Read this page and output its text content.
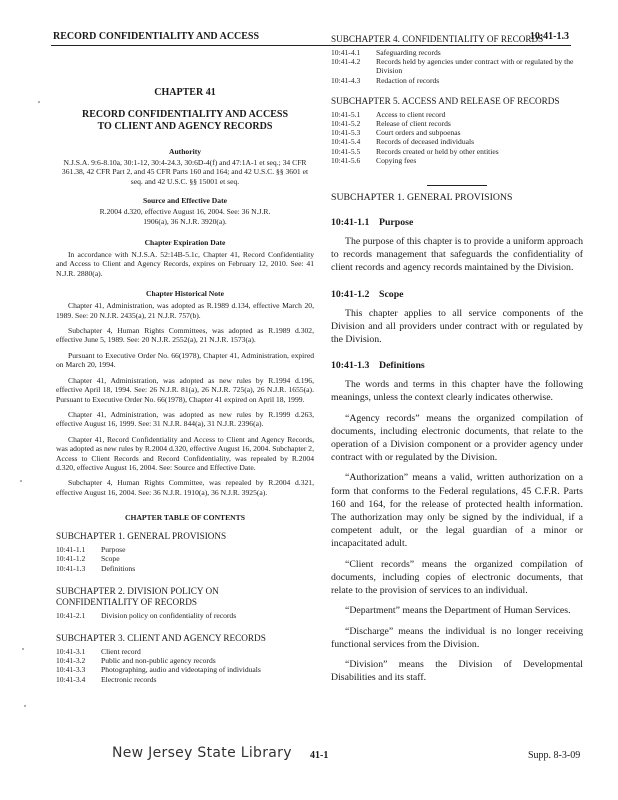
RECORD CONFIDENTIALITY AND ACCESS	10:41-1.3
CHAPTER 41
RECORD CONFIDENTIALITY AND ACCESS
TO CLIENT AND AGENCY RECORDS
Authority
N.J.S.A. 9:6-8.10a, 30:1-12, 30:4-24.3, 30:6D-4(f) and 47:1A-1 et seq.; 34 CFR 361.38, 42 CFR Part 2, and 45 CFR Parts 160 and 164; and 42 U.S.C. §§ 3601 et seq. and 42 U.S.C. §§ 15001 et seq.
Source and Effective Date
R.2004 d.320, effective August 16, 2004. See: 36 N.J.R. 1906(a), 36 N.J.R. 3920(a).
Chapter Expiration Date

In accordance with N.J.S.A. 52:14B-5.1c, Chapter 41, Record Confidentiality and Access to Client and Agency Records, expires on February 12, 2010. See: 41 N.J.R. 2880(a).

Chapter Historical Note

Chapter 41, Administration, was adopted as R.1989 d.134, effective March 20, 1989. See: 20 N.J.R. 2435(a), 21 N.J.R. 757(b).

Subchapter 4, Human Rights Committees, was adopted as R.1989 d.302, effective June 5, 1989. See: 20 N.J.R. 2552(a), 21 N.J.R. 1573(a).

Pursuant to Executive Order No. 66(1978), Chapter 41, Administration, expired on March 20, 1994.

Chapter 41, Administration, was adopted as new rules by R.1994 d.196, effective April 18, 1994. See: 26 N.J.R. 81(a), 26 N.J.R. 725(a), 26 N.J.R. 1655(a). Pursuant to Executive Order No. 66(1978), Chapter 41 expired on April 18, 1999.

Chapter 41, Administration, was adopted as new rules by R.1999 d.263, effective August 16, 1999. See: 31 N.J.R. 844(a), 31 N.J.R. 2396(a).

Chapter 41, Record Confidentiality and Access to Client and Agency Records, was adopted as new rules by R.2004 d.320, effective August 16, 2004. Subchapter 2, Access to Client Records and Record Confidentiality, was repealed by R.2004 d.320, effective August 16, 2004. See: Source and Effective Date.

Subchapter 4, Human Rights Committee, was repealed by R.2004 d.321, effective August 16, 2004. See: 36 N.J.R. 1910(a), 36 N.J.R. 3925(a).

CHAPTER TABLE OF CONTENTS
SUBCHAPTER 1. GENERAL PROVISIONS
10:41-1.1	Purpose
10:41-1.2	Scope
10:41-1.3	Definitions
SUBCHAPTER 2. DIVISION POLICY ON CONFIDENTIALITY OF RECORDS
10:41-2.1	Division policy on confidentiality of records
SUBCHAPTER 3. CLIENT AND AGENCY RECORDS
10:41-3.1	Client record
10:41-3.2	Public and non-public agency records
10:41-3.3	Photographing, audio and videotaping of individuals
10:41-3.4	Electronic records
SUBCHAPTER 4. CONFIDENTIALITY OF RECORDS
10:41-4.1	Safeguarding records
10:41-4.2	Records held by agencies under contract with or regulated by the Division
10:41-4.3	Redaction of records
SUBCHAPTER 5. ACCESS AND RELEASE OF RECORDS
10:41-5.1	Access to client record
10:41-5.2	Release of client records
10:41-5.3	Court orders and subpoenas
10:41-5.4	Records of deceased individuals
10:41-5.5	Records created or held by other entities
10:41-5.6	Copying fees
SUBCHAPTER 1. GENERAL PROVISIONS
10:41-1.1 Purpose

The purpose of this chapter is to provide a uniform approach to records management that safeguards the confidentiality of client records and agency records maintained by the Division.

10:41-1.2 Scope

This chapter applies to all service components of the Division and all providers under contract with or regulated by the Division.

10:41-1.3 Definitions

The words and terms in this chapter have the following meanings, unless the context clearly indicates otherwise.

“Agency records” means the organized compilation of documents, including electronic documents, that relate to the operation of a Division component or a provider agency under contract with or regulated by the Division.

“Authorization” means a valid, written authorization on a form that conforms to the Federal regulations, 45 C.F.R. Parts 160 and 164, for the release of protected health information. The authorization may only be signed by the individual, if a competent adult, or the legal guardian of a minor or incapacitated adult.

“Client records” means the organized compilation of documents, including copies of electronic documents, that relate to the provision of services to an individual.

“Department” means the Department of Human Services.

“Discharge” means the individual is no longer receiving functional services from the Division.

“Division” means the Division of Developmental Disabilities and its staff.

New Jersey State Library 41-1	Supp. 8-3-09
